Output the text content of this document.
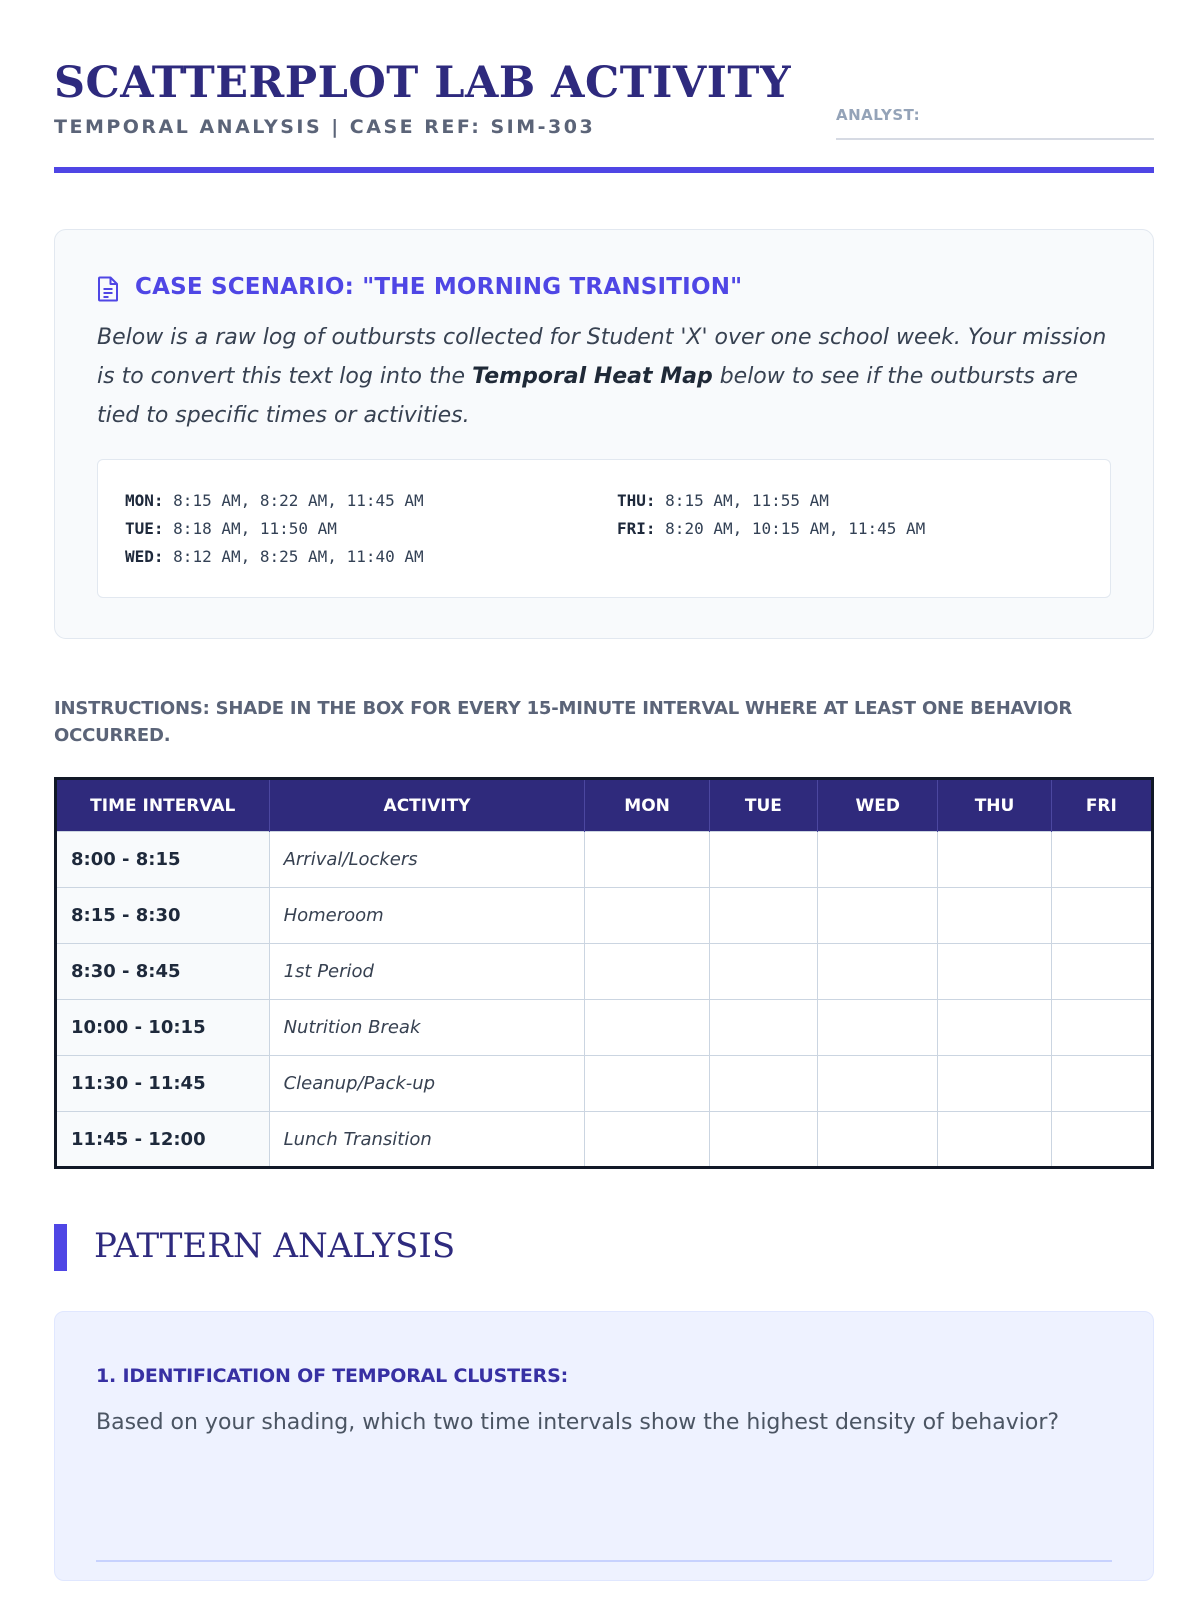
SCATTERPLOT LAB ACTIVITY
TEMPORAL ANALYSIS | CASE REF: SIM-303
ANALYST:
CASE SCENARIO: "THE MORNING TRANSITION"

Below is a raw log of outbursts collected for Student 'X' over one school week. Your mission is to convert this text log into the Temporal Heat Map below to see if the outbursts are tied to specific times or activities.

MON: 8:15 AM, 8:22 AM, 11:45 AM
TUE: 8:18 AM, 11:50 AM
WED: 8:12 AM, 8:25 AM, 11:40 AM
THU: 8:15 AM, 11:55 AM
FRI: 8:20 AM, 10:15 AM, 11:45 AM
INSTRUCTIONS: SHADE IN THE BOX FOR EVERY 15-MINUTE INTERVAL WHERE AT LEAST ONE BEHAVIOR OCCURRED.
TIME INTERVAL	ACTIVITY	MON	TUE	WED	THU	FRI
8:00 - 8:15	Arrival/Lockers					
8:15 - 8:30	Homeroom					
8:30 - 8:45	1st Period					
10:00 - 10:15	Nutrition Break					
11:30 - 11:45	Cleanup/Pack-up					
11:45 - 12:00	Lunch Transition					
PATTERN ANALYSIS
1. IDENTIFICATION OF TEMPORAL CLUSTERS:
Based on your shading, which two time intervals show the highest density of behavior?
